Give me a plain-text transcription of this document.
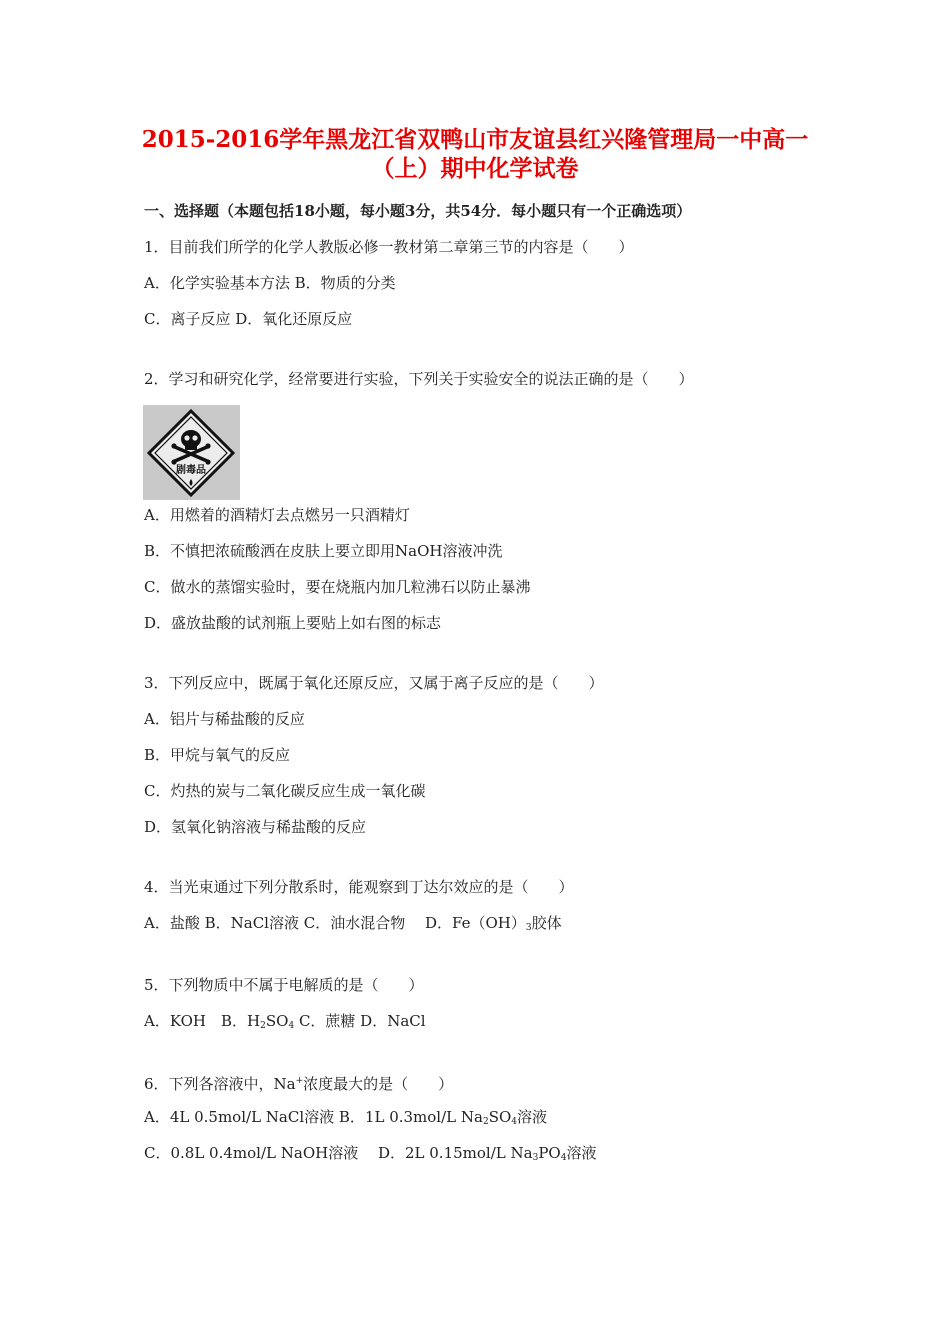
2015-2016学年黑龙江省双鸭山市友谊县红兴隆管理局一中高一
（上）期中化学试卷
一、选择题（本题包括18小题，每小题3分，共54分．每小题只有一个正确选项）
1．目前我们所学的化学人教版必修一教材第二章第三节的内容是（　　）
A．化学实验基本方法 B．物质的分类
C．离子反应 D．氧化还原反应
2．学习和研究化学，经常要进行实验，下列关于实验安全的说法正确的是（　　）
剧毒品
A．用燃着的酒精灯去点燃另一只酒精灯
B．不慎把浓硫酸洒在皮肤上要立即用NaOH溶液冲洗
C．做水的蒸馏实验时，要在烧瓶内加几粒沸石以防止暴沸
D．盛放盐酸的试剂瓶上要贴上如右图的标志
3．下列反应中，既属于氧化还原反应，又属于离子反应的是（　　）
A．铝片与稀盐酸的反应
B．甲烷与氧气的反应
C．灼热的炭与二氧化碳反应生成一氧化碳
D．氢氧化钠溶液与稀盐酸的反应
4．当光束通过下列分散系时，能观察到丁达尔效应的是（　　）
A．盐酸 B．NaCl溶液 C．油水混合物　 D．$Fe(OH)_3$胶体
5．下列物质中不属于电解质的是（　　）
A．KOH　B．$H_2SO_4$ C．蔗糖 D．NaCl
6．下列各溶液中，Na+浓度最大的是（　　）
A．4L 0.5mol/L NaCl溶液 B．1L 0.3mol/L $Na_2SO_4$溶液
C．0.8L 0.4mol/L NaOH溶液　 D．2L 0.15mol/L $Na_3PO_4$溶液
